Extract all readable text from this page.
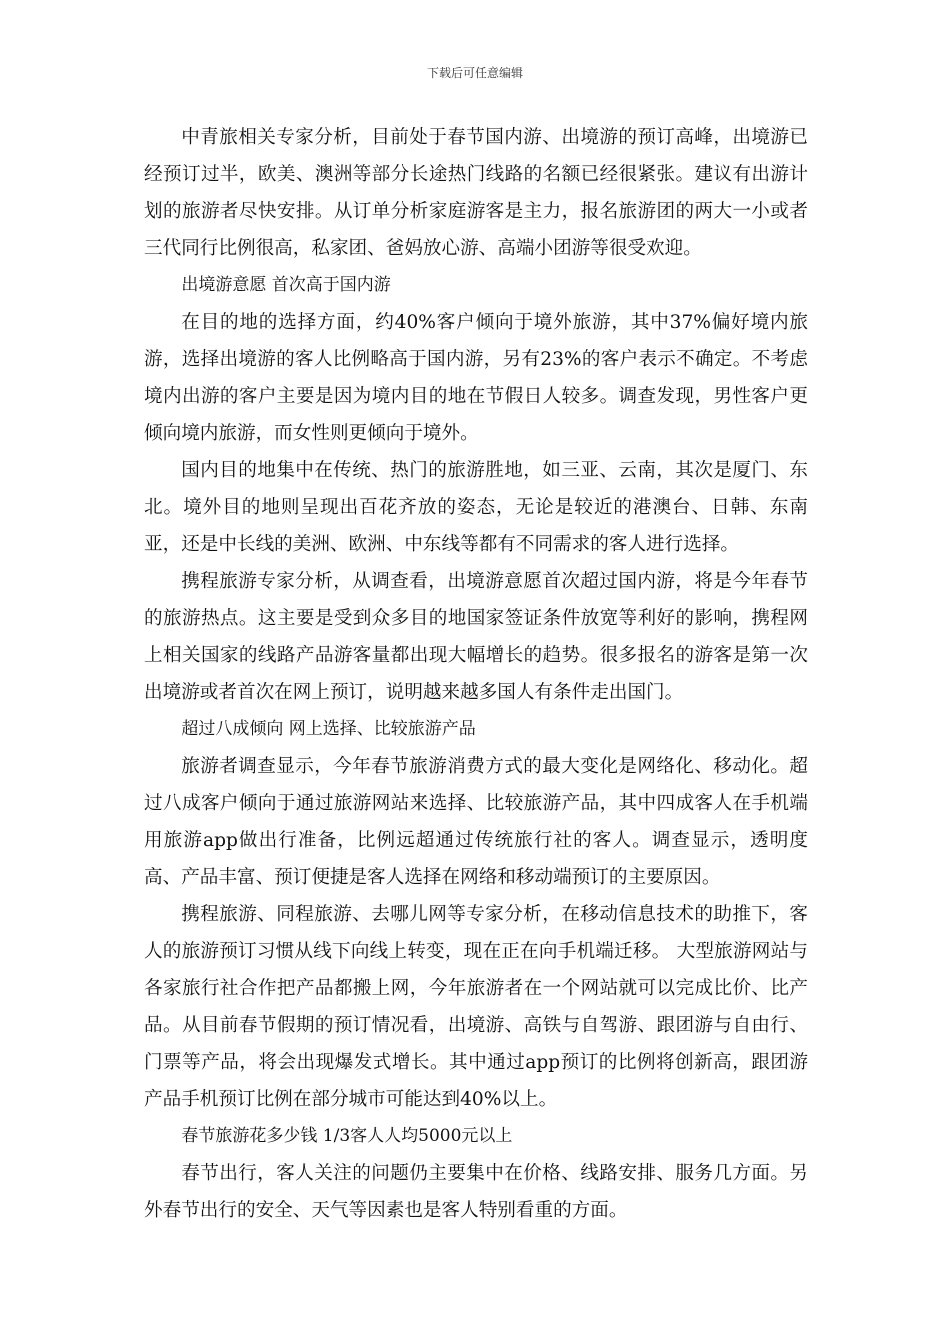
下载后可任意编辑

中青旅相关专家分析，目前处于春节国内游、出境游的预订高峰，出境游已经预订过半，欧美、澳洲等部分长途热门线路的名额已经很紧张。建议有出游计划的旅游者尽快安排。从订单分析家庭游客是主力，报名旅游团的两大一小或者三代同行比例很高，私家团、爸妈放心游、高端小团游等很受欢迎。

出境游意愿 首次高于国内游

在目的地的选择方面，约40%客户倾向于境外旅游，其中37%偏好境内旅游，选择出境游的客人比例略高于国内游，另有23%的客户表示不确定。不考虑境内出游的客户主要是因为境内目的地在节假日人较多。调查发现，男性客户更倾向境内旅游，而女性则更倾向于境外。

国内目的地集中在传统、热门的旅游胜地，如三亚、云南，其次是厦门、东北。境外目的地则呈现出百花齐放的姿态，无论是较近的港澳台、日韩、东南亚，还是中长线的美洲、欧洲、中东线等都有不同需求的客人进行选择。

携程旅游专家分析，从调查看，出境游意愿首次超过国内游，将是今年春节的旅游热点。这主要是受到众多目的地国家签证条件放宽等利好的影响，携程网上相关国家的线路产品游客量都出现大幅增长的趋势。很多报名的游客是第一次出境游或者首次在网上预订，说明越来越多国人有条件走出国门。

超过八成倾向 网上选择、比较旅游产品

旅游者调查显示，今年春节旅游消费方式的最大变化是网络化、移动化。超过八成客户倾向于通过旅游网站来选择、比较旅游产品，其中四成客人在手机端用旅游app做出行准备，比例远超通过传统旅行社的客人。调查显示，透明度高、产品丰富、预订便捷是客人选择在网络和移动端预订的主要原因。

携程旅游、同程旅游、去哪儿网等专家分析，在移动信息技术的助推下，客人的旅游预订习惯从线下向线上转变，现在正在向手机端迁移。 大型旅游网站与各家旅行社合作把产品都搬上网，今年旅游者在一个网站就可以完成比价、比产品。从目前春节假期的预订情况看，出境游、高铁与自驾游、跟团游与自由行、门票等产品，将会出现爆发式增长。其中通过app预订的比例将创新高，跟团游产品手机预订比例在部分城市可能达到40%以上。

春节旅游花多少钱 1/3客人人均5000元以上

春节出行，客人关注的问题仍主要集中在价格、线路安排、服务几方面。另外春节出行的安全、天气等因素也是客人特别看重的方面。
